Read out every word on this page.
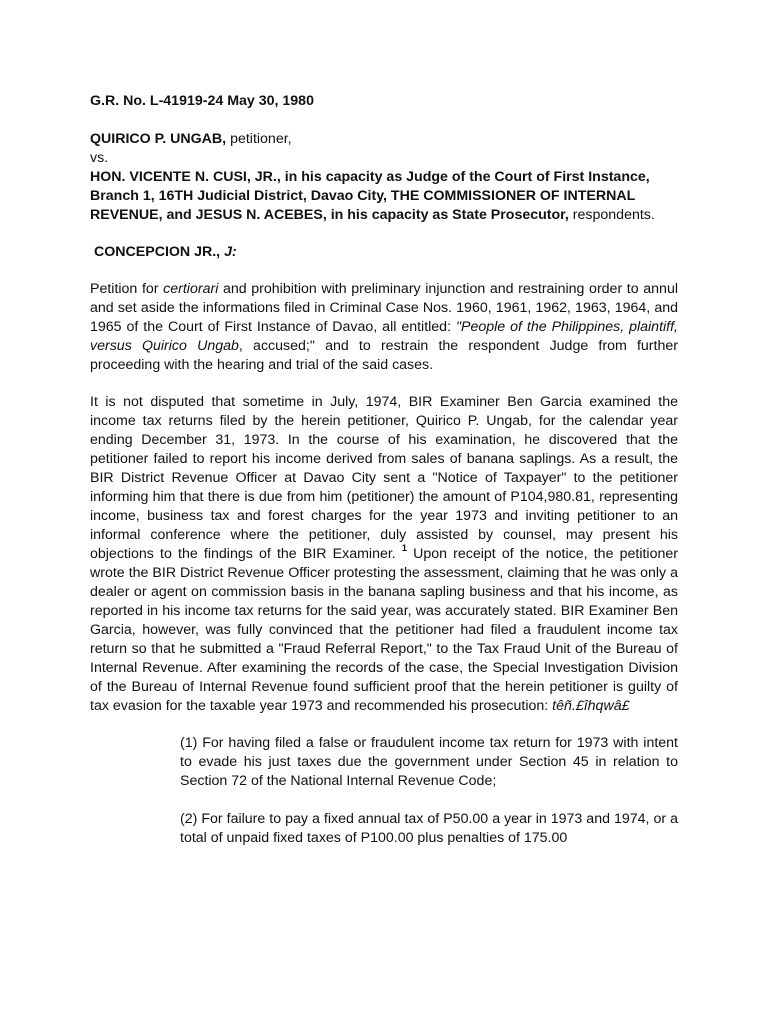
G.R. No. L-41919-24 May 30, 1980

QUIRICO P. UNGAB, petitioner,
vs.
HON. VICENTE N. CUSI, JR., in his capacity as Judge of the Court of First Instance, Branch 1, 16TH Judicial District, Davao City, THE COMMISSIONER OF INTERNAL REVENUE, and JESUS N. ACEBES, in his capacity as State Prosecutor, respondents.

CONCEPCION JR., J:

Petition for certiorari and prohibition with preliminary injunction and restraining order to annul and set aside the informations filed in Criminal Case Nos. 1960, 1961, 1962, 1963, 1964, and 1965 of the Court of First Instance of Davao, all entitled: "People of the Philippines, plaintiff, versus Quirico Ungab, accused;" and to restrain the respondent Judge from further proceeding with the hearing and trial of the said cases.

It is not disputed that sometime in July, 1974, BIR Examiner Ben Garcia examined the income tax returns filed by the herein petitioner, Quirico P. Ungab, for the calendar year ending December 31, 1973. In the course of his examination, he discovered that the petitioner failed to report his income derived from sales of banana saplings. As a result, the BIR District Revenue Officer at Davao City sent a "Notice of Taxpayer" to the petitioner informing him that there is due from him (petitioner) the amount of P104,980.81, representing income, business tax and forest charges for the year 1973 and inviting petitioner to an informal conference where the petitioner, duly assisted by counsel, may present his objections to the findings of the BIR Examiner. $^1$ Upon receipt of the notice, the petitioner wrote the BIR District Revenue Officer protesting the assessment, claiming that he was only a dealer or agent on commission basis in the banana sapling business and that his income, as reported in his income tax returns for the said year, was accurately stated. BIR Examiner Ben Garcia, however, was fully convinced that the petitioner had filed a fraudulent income tax return so that he submitted a "Fraud Referral Report," to the Tax Fraud Unit of the Bureau of Internal Revenue. After examining the records of the case, the Special Investigation Division of the Bureau of Internal Revenue found sufficient proof that the herein petitioner is guilty of tax evasion for the taxable year 1973 and recommended his prosecution: têñ.£îhqwâ£

(1) For having filed a false or fraudulent income tax return for 1973 with intent to evade his just taxes due the government under Section 45 in relation to Section 72 of the National Internal Revenue Code;

(2) For failure to pay a fixed annual tax of P50.00 a year in 1973 and 1974, or a total of unpaid fixed taxes of P100.00 plus penalties of 175.00
